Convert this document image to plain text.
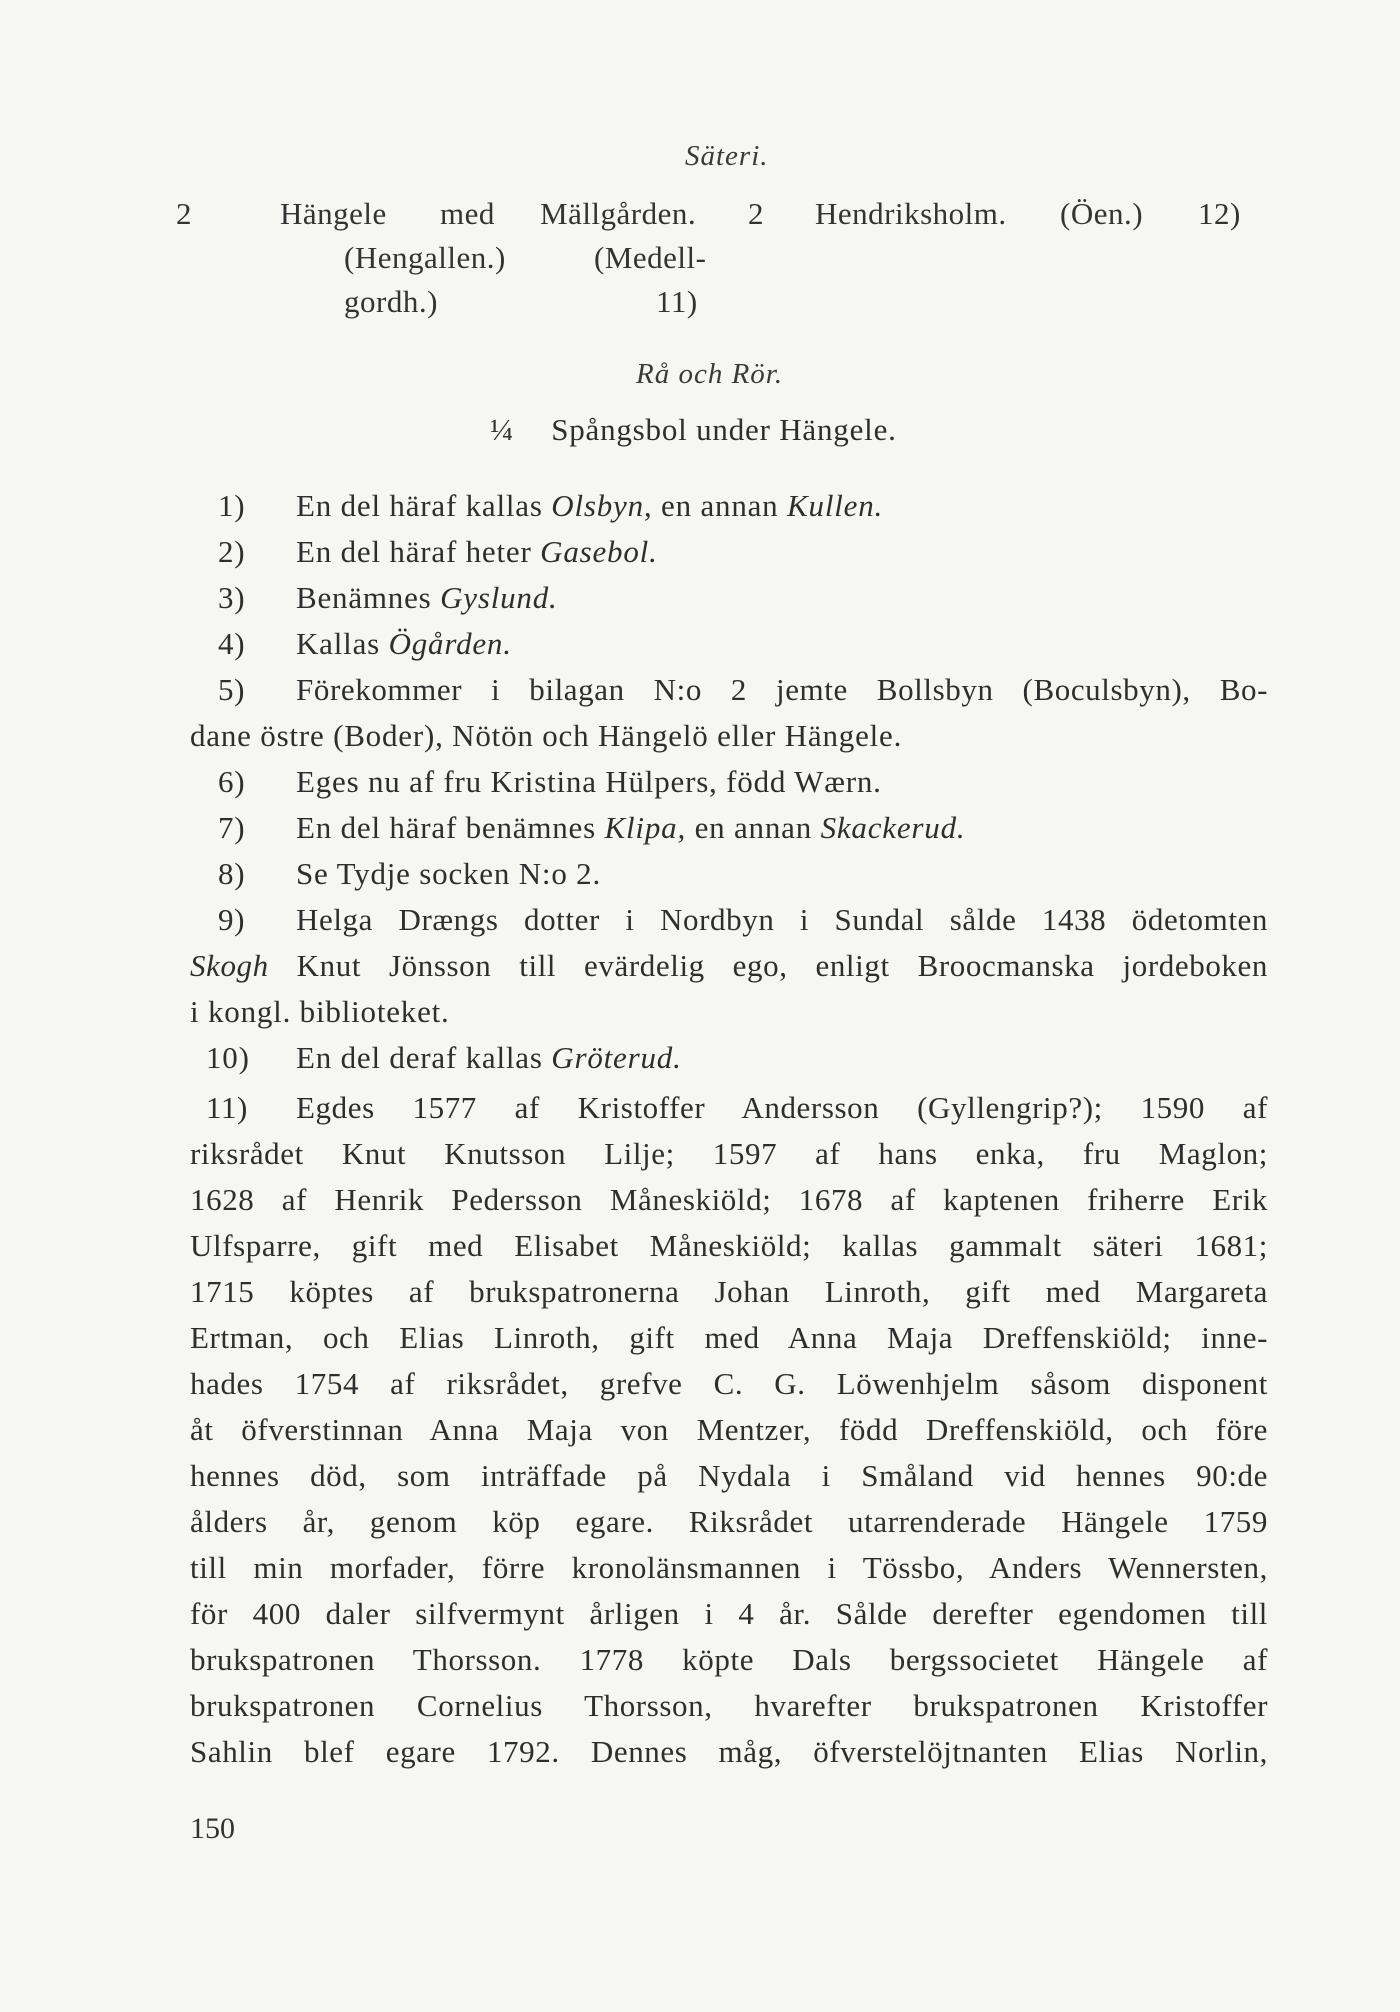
Säteri.
2	Hängele med Mällgården. 2 Hendriksholm. (Öen.) 12)
(Hengallen.)	(Medell-
gordh.)	11)
Rå och Rör.
¼ Spångsbol under Hängele.
1) En del häraf kallas Olsbyn, en annan Kullen.
2) En del häraf heter Gasebol.
3) Benämnes Gyslund.
4) Kallas Ögården.
5) Förekommer i bilagan N:o 2 jemte Bollsbyn (Boculsbyn), Bo-
dane östre (Boder), Nötön och Hängelö eller Hängele.
6) Eges nu af fru Kristina Hülpers, född Wærn.
7) En del häraf benämnes Klipa, en annan Skackerud.
8) Se Tydje socken N:o 2.
9) Helga Drængs dotter i Nordbyn i Sundal sålde 1438 ödetomten
Skogh Knut Jönsson till evärdelig ego, enligt Broocmanska jordeboken
i kongl. biblioteket.
10) En del deraf kallas Gröterud.
11) Egdes 1577 af Kristoffer Andersson (Gyllengrip?); 1590 af
riksrådet Knut Knutsson Lilje; 1597 af hans enka, fru Maglon;
1628 af Henrik Pedersson Måneskiöld; 1678 af kaptenen friherre Erik
Ulfsparre, gift med Elisabet Måneskiöld; kallas gammalt säteri 1681;
1715 köptes af brukspatronerna Johan Linroth, gift med Margareta
Ertman, och Elias Linroth, gift med Anna Maja Dreffenskiöld; inne-
hades 1754 af riksrådet, grefve C. G. Löwenhjelm såsom disponent
åt öfverstinnan Anna Maja von Mentzer, född Dreffenskiöld, och före
hennes död, som inträffade på Nydala i Småland vid hennes 90:de
ålders år, genom köp egare. Riksrådet utarrenderade Hängele 1759
till min morfader, förre kronolänsmannen i Tössbo, Anders Wennersten,
för 400 daler silfvermynt årligen i 4 år. Sålde derefter egendomen till
brukspatronen Thorsson. 1778 köpte Dals bergssocietet Hängele af
brukspatronen Cornelius Thorsson, hvarefter brukspatronen Kristoffer
Sahlin blef egare 1792. Dennes måg, öfverstelöjtnanten Elias Norlin,
150
